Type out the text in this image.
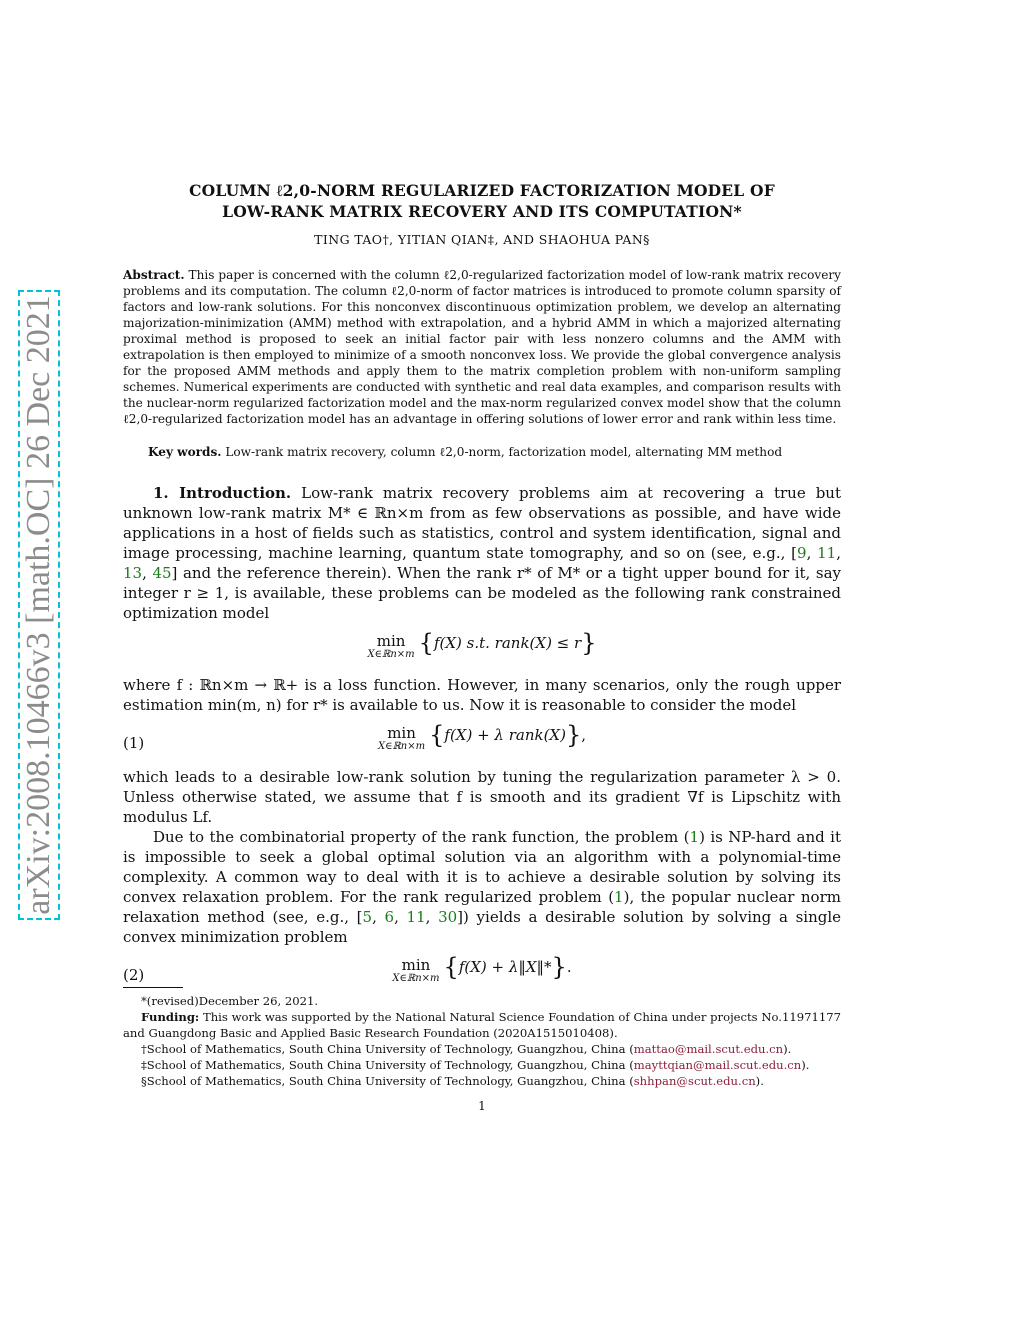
arXiv:2008.10466v3 [math.OC] 26 Dec 2021
COLUMN ℓ2,0-NORM REGULARIZED FACTORIZATION MODEL OF
LOW-RANK MATRIX RECOVERY AND ITS COMPUTATION*
TING TAO†, YITIAN QIAN‡, AND SHAOHUA PAN§
Abstract. This paper is concerned with the column ℓ2,0-regularized factorization model of low-rank matrix recovery problems and its computation. The column ℓ2,0-norm of factor matrices is introduced to promote column sparsity of factors and low-rank solutions. For this nonconvex discontinuous optimization problem, we develop an alternating majorization-minimization (AMM) method with extrapolation, and a hybrid AMM in which a majorized alternating proximal method is proposed to seek an initial factor pair with less nonzero columns and the AMM with extrapolation is then employed to minimize of a smooth nonconvex loss. We provide the global convergence analysis for the proposed AMM methods and apply them to the matrix completion problem with non-uniform sampling schemes. Numerical experiments are conducted with synthetic and real data examples, and comparison results with the nuclear-norm regularized factorization model and the max-norm regularized convex model show that the column ℓ2,0-regularized factorization model has an advantage in offering solutions of lower error and rank within less time.
Key words. Low-rank matrix recovery, column ℓ2,0-norm, factorization model, alternating MM method

1. Introduction. Low-rank matrix recovery problems aim at recovering a true but unknown low-rank matrix M* ∈ ℝn×m from as few observations as possible, and have wide applications in a host of fields such as statistics, control and system identification, signal and image processing, machine learning, quantum state tomography, and so on (see, e.g., [9, 11, 13, 45] and the reference therein). When the rank r* of M* or a tight upper bound for it, say integer r ≥ 1, is available, these problems can be modeled as the following rank constrained optimization model

min
X∈ℝn×m {f(X) s.t. rank(X) ≤ r}

where f : ℝn×m → ℝ+ is a loss function. However, in many scenarios, only the rough upper estimation min(m, n) for r* is available to us. Now it is reasonable to consider the model

(1)
min
X∈ℝn×m {f(X) + λ rank(X)},

which leads to a desirable low-rank solution by tuning the regularization parameter λ > 0. Unless otherwise stated, we assume that f is smooth and its gradient ∇f is Lipschitz with modulus Lf.

Due to the combinatorial property of the rank function, the problem (1) is NP-hard and it is impossible to seek a global optimal solution via an algorithm with a polynomial-time complexity. A common way to deal with it is to achieve a desirable solution by solving its convex relaxation problem. For the rank regularized problem (1), the popular nuclear norm relaxation method (see, e.g., [5, 6, 11, 30]) yields a desirable solution by solving a single convex minimization problem

(2)
min
X∈ℝn×m {f(X) + λ‖X‖*}.

*(revised)December 26, 2021.

Funding: This work was supported by the National Natural Science Foundation of China under projects No.11971177 and Guangdong Basic and Applied Basic Research Foundation (2020A1515010408).

†School of Mathematics, South China University of Technology, Guangzhou, China (mattao@mail.scut.edu.cn).

‡School of Mathematics, South China University of Technology, Guangzhou, China (mayttqian@mail.scut.edu.cn).

§School of Mathematics, South China University of Technology, Guangzhou, China (shhpan@scut.edu.cn).

1
